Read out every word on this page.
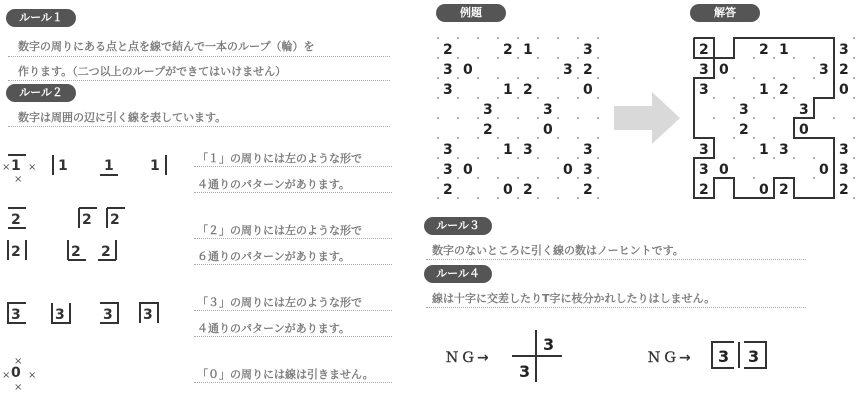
ルール１
数字の周りにある点と点を線で結んで一本のループ（輪）を
作ります。（二つ以上のループができてはいけません）
ルール２
数字は周囲の辺に引く線を表しています。
「１」の周りには左のような形で
４通りのパターンがあります。
「２」の周りには左のような形で
６通りのパターンがあります。
「３」の周りには左のような形で
４通りのパターンがあります。
「０」の周りには線は引きません。
1	1	1	1
2	2 2
2	2 2
3 3	3 3
0
× ×
×
× ×
×
×
例題
2	2 1	3
3 0	3 2
3	1 2	0
3	3
2	0
3	1 3	3
3 0	0 3
2	0 2	2
解答
2	2 1	3
3 0	3 2
3	1 2	0
3	3
2	0
3	1 3	3
3 0	0 3
2	0 2	2
ルール３
数字のないところに引く線の数はノーヒントです。
ルール４
線は十字に交差したりT字に枝分かれしたりはしません。
ＮＧ→
3
3
ＮＧ→ 3 3
